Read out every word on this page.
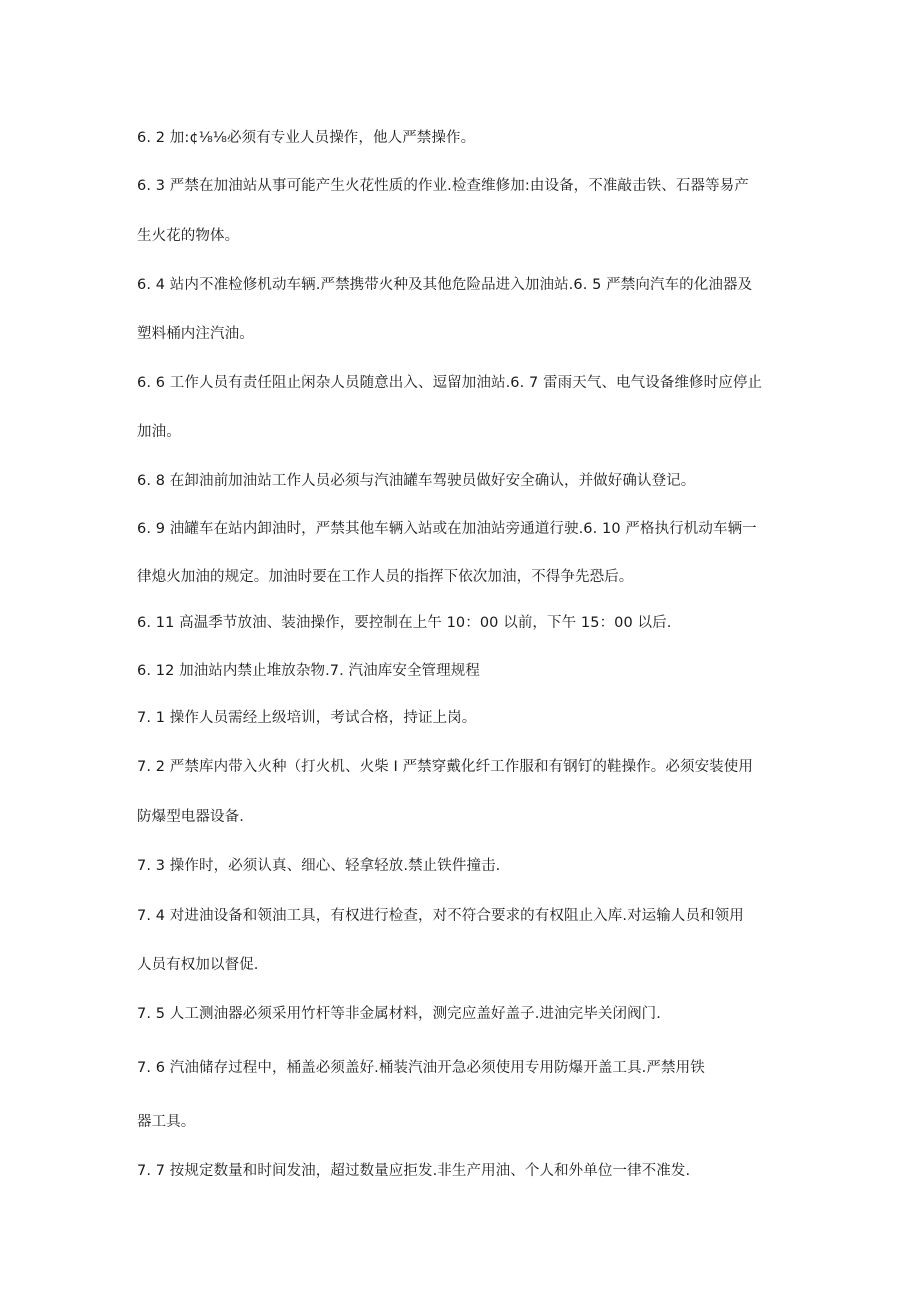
6. 2 加:¢⅛⅛必须有专业人员操作，他人严禁操作。
6. 3 严禁在加油站从事可能产生火花性质的作业.检查维修加:由设备，不准敲击铁、石器等易产
生火花的物体。
6. 4 站内不准检修机动车辆.严禁携带火种及其他危险品进入加油站.6. 5 严禁向汽车的化油器及
塑料桶内注汽油。
6. 6 工作人员有责任阻止闲杂人员随意出入、逗留加油站.6. 7 雷雨天气、电气设备维修时应停止
加油。
6. 8 在卸油前加油站工作人员必须与汽油罐车驾驶员做好安全确认，并做好确认登记。
6. 9 油罐车在站内卸油时，严禁其他车辆入站或在加油站旁通道行驶.6. 10 严格执行机动车辆一
律熄火加油的规定。加油时要在工作人员的指挥下依次加油，不得争先恐后。
6. 11 高温季节放油、装油操作，要控制在上午 10：00 以前，下午 15：00 以后.
6. 12 加油站内禁止堆放杂物.7. 汽油库安全管理规程
7. 1 操作人员需经上级培训，考试合格，持证上岗。
7. 2 严禁库内带入火种（打火机、火柴 I 严禁穿戴化纤工作服和有钢钉的鞋操作。必须安装使用
防爆型电器设备.
7. 3 操作时，必须认真、细心、轻拿轻放.禁止铁件撞击.
7. 4 对进油设备和领油工具，有权进行检查，对不符合要求的有权阻止入库.对运输人员和领用
人员有权加以督促.
7. 5 人工测油器必须采用竹杆等非金属材料，测完应盖好盖子.进油完毕关闭阀门.
7. 6 汽油储存过程中，桶盖必须盖好.桶装汽油开急必须使用专用防爆开盖工具.严禁用铁
器工具。
7. 7 按规定数量和时间发油，超过数量应拒发.非生产用油、个人和外单位一律不准发.
